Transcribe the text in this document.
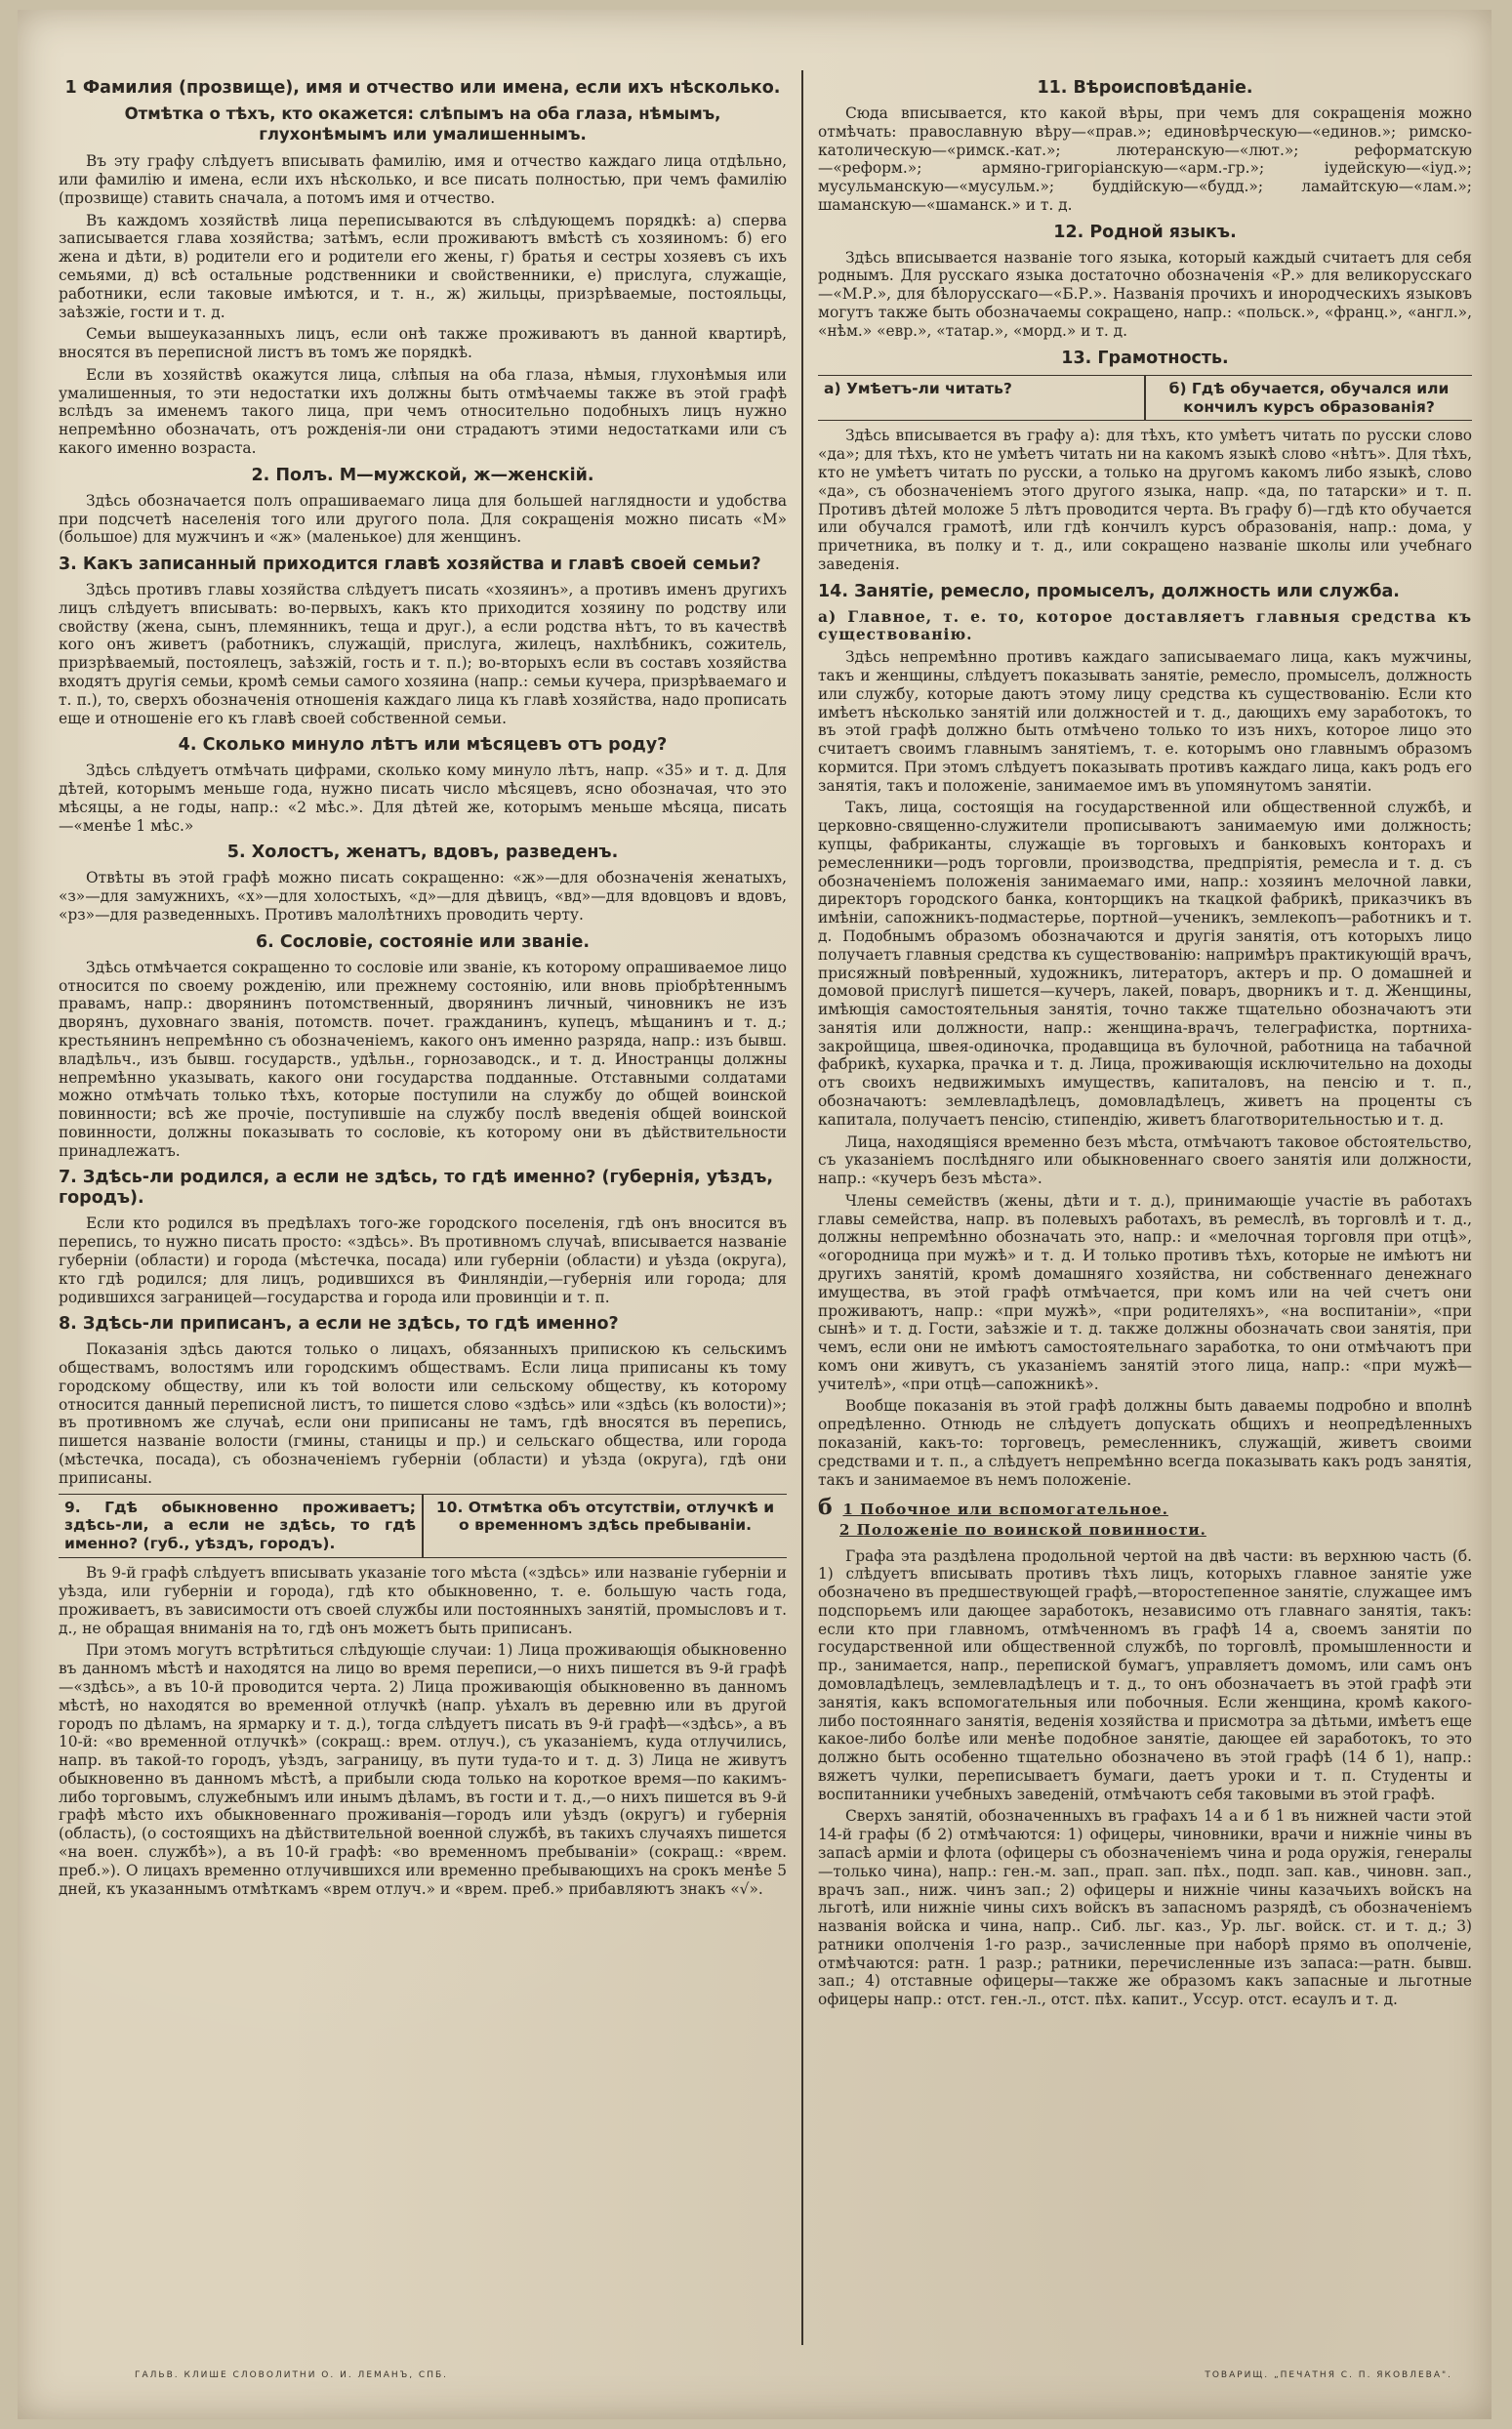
1 Фамилия (прозвище), имя и отчество или имена, если ихъ нѣсколько.
Отмѣтка о тѣхъ, кто окажется: слѣпымъ на оба глаза, нѣмымъ, глухонѣмымъ или умалишеннымъ.

Въ эту графу слѣдуетъ вписывать фамилію, имя и отчество каждаго лица отдѣльно, или фамилію и имена, если ихъ нѣсколько, и все писать полностью, при чемъ фамилію (прозвище) ставить сначала, а потомъ имя и отчество.

Въ каждомъ хозяйствѣ лица переписываются въ слѣдующемъ порядкѣ: а) сперва записывается глава хозяйства; затѣмъ, если проживаютъ вмѣстѣ съ хозяиномъ: б) его жена и дѣти, в) родители его и родители его жены, г) братья и сестры хозяевъ съ ихъ семьями, д) всѣ остальные родственники и свойственники, е) прислуга, служащіе, работники, если таковые имѣются, и т. н., ж) жильцы, призрѣваемые, постояльцы, заѣзжіе, гости и т. д.

Семьи вышеуказанныхъ лицъ, если онѣ также проживаютъ въ данной квартирѣ, вносятся въ переписной листъ въ томъ же порядкѣ.

Если въ хозяйствѣ окажутся лица, слѣпыя на оба глаза, нѣмыя, глухонѣмыя или умалишенныя, то эти недостатки ихъ должны быть отмѣчаемы также въ этой графѣ вслѣдъ за именемъ такого лица, при чемъ относительно подобныхъ лицъ нужно непремѣнно обозначать, отъ рожденія-ли они страдаютъ этими недостатками или съ какого именно возраста.

2. Полъ. М—мужской, ж—женскій.

Здѣсь обозначается полъ опрашиваемаго лица для большей наглядности и удобства при подсчетѣ населенія того или другого пола. Для сокращенія можно писать «М» (большое) для мужчинъ и «ж» (маленькое) для женщинъ.

3. Какъ записанный приходится главѣ хозяйства и главѣ своей семьи?

Здѣсь противъ главы хозяйства слѣдуетъ писать «хозяинъ», а противъ именъ другихъ лицъ слѣдуетъ вписывать: во-первыхъ, какъ кто приходится хозяину по родству или свойству (жена, сынъ, племянникъ, теща и друг.), а если родства нѣтъ, то въ качествѣ кого онъ живетъ (работникъ, служащій, прислуга, жилецъ, нахлѣбникъ, сожитель, призрѣваемый, постоялецъ, заѣзжій, гость и т. п.); во-вторыхъ если въ составъ хозяйства входятъ другія семьи, кромѣ семьи самого хозяина (напр.: семьи кучера, призрѣваемаго и т. п.), то, сверхъ обозначенія отношенія каждаго лица къ главѣ хозяйства, надо прописать еще и отношеніе его къ главѣ своей собственной семьи.

4. Сколько минуло лѣтъ или мѣсяцевъ отъ роду?

Здѣсь слѣдуетъ отмѣчать цифрами, сколько кому минуло лѣтъ, напр. «35» и т. д. Для дѣтей, которымъ меньше года, нужно писать число мѣсяцевъ, ясно обозначая, что это мѣсяцы, а не годы, напр.: «2 мѣс.». Для дѣтей же, которымъ меньше мѣсяца, писать—«менѣе 1 мѣс.»

5. Холостъ, женатъ, вдовъ, разведенъ.

Отвѣты въ этой графѣ можно писать сокращенно: «ж»—для обозначенія женатыхъ, «з»—для замужнихъ, «х»—для холостыхъ, «д»—для дѣвицъ, «вд»—для вдовцовъ и вдовъ, «рз»—для разведенныхъ. Противъ малолѣтнихъ проводить черту.

6. Сословіе, состояніе или званіе.

Здѣсь отмѣчается сокращенно то сословіе или званіе, къ которому опрашиваемое лицо относится по своему рожденію, или прежнему состоянію, или вновь пріобрѣтеннымъ правамъ, напр.: дворянинъ потомственный, дворянинъ личный, чиновникъ не изъ дворянъ, духовнаго званія, потомств. почет. гражданинъ, купецъ, мѣщанинъ и т. д.; крестьянинъ непремѣнно съ обозначеніемъ, какого онъ именно разряда, напр.: изъ бывш. владѣльч., изъ бывш. государств., удѣльн., горнозаводск., и т. д. Иностранцы должны непремѣнно указывать, какого они государства подданные. Отставными солдатами можно отмѣчать только тѣхъ, которые поступили на службу до общей воинской повинности; всѣ же прочіе, поступившіе на службу послѣ введенія общей воинской повинности, должны показывать то сословіе, къ которому они въ дѣйствительности принадлежатъ.

7. Здѣсь-ли родился, а если не здѣсь, то гдѣ именно? (губернія, уѣздъ, городъ).

Если кто родился въ предѣлахъ того-же городского поселенія, гдѣ онъ вносится въ перепись, то нужно писать просто: «здѣсь». Въ противномъ случаѣ, вписывается названіе губерніи (области) и города (мѣстечка, посада) или губерніи (области) и уѣзда (округа), кто гдѣ родился; для лицъ, родившихся въ Финляндіи,—губернія или города; для родившихся заграницей—государства и города или провинціи и т. п.

8. Здѣсь-ли приписанъ, а если не здѣсь, то гдѣ именно?

Показанія здѣсь даются только о лицахъ, обязанныхъ припискою къ сельскимъ обществамъ, волостямъ или городскимъ обществамъ. Если лица приписаны къ тому городскому обществу, или къ той волости или сельскому обществу, къ которому относится данный переписной листъ, то пишется слово «здѣсь» или «здѣсь (къ волости)»; въ противномъ же случаѣ, если они приписаны не тамъ, гдѣ вносятся въ перепись, пишется названіе волости (гмины, станицы и пр.) и сельскаго общества, или города (мѣстечка, посада), съ обозначеніемъ губерніи (области) и уѣзда (округа), гдѣ они приписаны.

9. Гдѣ обыкновенно проживаетъ; здѣсь-ли, а если не здѣсь, то гдѣ именно? (губ., уѣздъ, городъ).
10. Отмѣтка объ отсутствіи, отлучкѣ и о временномъ здѣсь пребываніи.

Въ 9-й графѣ слѣдуетъ вписывать указаніе того мѣста («здѣсь» или названіе губерніи и уѣзда, или губерніи и города), гдѣ кто обыкновенно, т. е. большую часть года, проживаетъ, въ зависимости отъ своей службы или постоянныхъ занятій, промысловъ и т. д., не обращая вниманія на то, гдѣ онъ можетъ быть приписанъ.

При этомъ могутъ встрѣтиться слѣдующіе случаи: 1) Лица проживающія обыкновенно въ данномъ мѣстѣ и находятся на лицо во время переписи,—о нихъ пишется въ 9-й графѣ—«здѣсь», а въ 10-й проводится черта. 2) Лица проживающія обыкновенно въ данномъ мѣстѣ, но находятся во временной отлучкѣ (напр. уѣхалъ въ деревню или въ другой городъ по дѣламъ, на ярмарку и т. д.), тогда слѣдуетъ писать въ 9-й графѣ—«здѣсь», а въ 10-й: «во временной отлучкѣ» (сокращ.: врем. отлуч.), съ указаніемъ, куда отлучились, напр. въ такой-то городъ, уѣздъ, заграницу, въ пути туда-то и т. д. 3) Лица не живутъ обыкновенно въ данномъ мѣстѣ, а прибыли сюда только на короткое время—по какимъ-либо торговымъ, служебнымъ или инымъ дѣламъ, въ гости и т. д.,—о нихъ пишется въ 9-й графѣ мѣсто ихъ обыкновеннаго проживанія—городъ или уѣздъ (округъ) и губернія (область), (о состоящихъ на дѣйствительной военной службѣ, въ такихъ случаяхъ пишется «на воен. службѣ»), а въ 10-й графѣ: «во временномъ пребываніи» (сокращ.: «врем. преб.»). О лицахъ временно отлучившихся или временно пребывающихъ на срокъ менѣе 5 дней, къ указаннымъ отмѣткамъ «врем отлуч.» и «врем. преб.» прибавляютъ знакъ «√».

11. Вѣроисповѣданіе.

Сюда вписывается, кто какой вѣры, при чемъ для сокращенія можно отмѣчать: православную вѣру—«прав.»; единовѣрческую—«единов.»; римско-католическую—«римск.-кат.»; лютеранскую—«лют.»; реформатскую—«реформ.»; армяно-григоріанскую—«арм.-гр.»; іудейскую—«іуд.»; мусульманскую—«мусульм.»; буддійскую—«будд.»; ламайтскую—«лам.»; шаманскую—«шаманск.» и т. д.

12. Родной языкъ.

Здѣсь вписывается названіе того языка, который каждый считаетъ для себя роднымъ. Для русскаго языка достаточно обозначенія «Р.» для великорусскаго—«М.Р.», для бѣлорусскаго—«Б.Р.». Названія прочихъ и инородческихъ языковъ могутъ также быть обозначаемы сокращено, напр.: «польск.», «франц.», «англ.», «нѣм.» «евр.», «татар.», «морд.» и т. д.

13. Грамотность.
а) Умѣетъ-ли читать?	б) Гдѣ обучается, обучался или кончилъ курсъ образованія?

Здѣсь вписывается въ графу а): для тѣхъ, кто умѣетъ читать по русски слово «да»; для тѣхъ, кто не умѣетъ читать ни на какомъ языкѣ слово «нѣтъ». Для тѣхъ, кто не умѣетъ читать по русски, а только на другомъ какомъ либо языкѣ, слово «да», съ обозначеніемъ этого другого языка, напр. «да, по татарски» и т. п. Противъ дѣтей моложе 5 лѣтъ проводится черта. Въ графу б)—гдѣ кто обучается или обучался грамотѣ, или гдѣ кончилъ курсъ образованія, напр.: дома, у причетника, въ полку и т. д., или сокращено названіе школы или учебнаго заведенія.

14. Занятіе, ремесло, промыселъ, должность или служба.

а) Главное, т. е. то, которое доставляетъ главныя средства къ существованію.

Здѣсь непремѣнно противъ каждаго записываемаго лица, какъ мужчины, такъ и женщины, слѣдуетъ показывать занятіе, ремесло, промыселъ, должность или службу, которые даютъ этому лицу средства къ существованію. Если кто имѣетъ нѣсколько занятій или должностей и т. д., дающихъ ему заработокъ, то въ этой графѣ должно быть отмѣчено только то изъ нихъ, которое лицо это считаетъ своимъ главнымъ занятіемъ, т. е. которымъ оно главнымъ образомъ кормится. При этомъ слѣдуетъ показывать противъ каждаго лица, какъ родъ его занятія, такъ и положеніе, занимаемое имъ въ упомянутомъ занятіи.

Такъ, лица, состоящія на государственной или общественной службѣ, и церковно-священно-служители прописываютъ занимаемую ими должность; купцы, фабриканты, служащіе въ торговыхъ и банковыхъ конторахъ и ремесленники—родъ торговли, производства, предпріятія, ремесла и т. д. съ обозначеніемъ положенія занимаемаго ими, напр.: хозяинъ мелочной лавки, директоръ городского банка, конторщикъ на ткацкой фабрикѣ, приказчикъ въ имѣніи, сапожникъ-подмастерье, портной—ученикъ, землекопъ—работникъ и т. д. Подобнымъ образомъ обозначаются и другія занятія, отъ которыхъ лицо получаетъ главныя средства къ существованію: напримѣръ практикующій врачъ, присяжный повѣренный, художникъ, литераторъ, актеръ и пр. О домашней и домовой прислугѣ пишется—кучеръ, лакей, поваръ, дворникъ и т. д. Женщины, имѣющія самостоятельныя занятія, точно также тщательно обозначаютъ эти занятія или должности, напр.: женщина-врачъ, телеграфистка, портниха-закройщица, швея-одиночка, продавщица въ булочной, работница на табачной фабрикѣ, кухарка, прачка и т. д. Лица, проживающія исключительно на доходы отъ своихъ недвижимыхъ имуществъ, капиталовъ, на пенсію и т. п., обозначаютъ: землевладѣлецъ, домовладѣлецъ, живетъ на проценты съ капитала, получаетъ пенсію, стипендію, живетъ благотворительностью и т. д.

Лица, находящіяся временно безъ мѣста, отмѣчаютъ таковое обстоятельство, съ указаніемъ послѣдняго или обыкновеннаго своего занятія или должности, напр.: «кучеръ безъ мѣста».

Члены семействъ (жены, дѣти и т. д.), принимающіе участіе въ работахъ главы семейства, напр. въ полевыхъ работахъ, въ ремеслѣ, въ торговлѣ и т. д., должны непремѣнно обозначать это, напр.: и «мелочная торговля при отцѣ», «огородница при мужѣ» и т. д. И только противъ тѣхъ, которые не имѣютъ ни другихъ занятій, кромѣ домашняго хозяйства, ни собственнаго денежнаго имущества, въ этой графѣ отмѣчается, при комъ или на чей счетъ они проживаютъ, напр.: «при мужѣ», «при родителяхъ», «на воспитаніи», «при сынѣ» и т. д. Гости, заѣзжіе и т. д. также должны обозначать свои занятія, при чемъ, если они не имѣютъ самостоятельнаго заработка, то они отмѣчаютъ при комъ они живутъ, съ указаніемъ занятій этого лица, напр.: «при мужѣ—учителѣ», «при отцѣ—сапожникѣ».

Вообще показанія въ этой графѣ должны быть даваемы подробно и вполнѣ опредѣленно. Отнюдь не слѣдуетъ допускать общихъ и неопредѣленныхъ показаній, какъ-то: торговецъ, ремесленникъ, служащій, живетъ своими средствами и т. п., а слѣдуетъ непремѣнно всегда показывать какъ родъ занятія, такъ и занимаемое въ немъ положеніе.

б 1 Побочное или вспомогательное.
2 Положеніе по воинской повинности.

Графа эта раздѣлена продольной чертой на двѣ части: въ верхнюю часть (б. 1) слѣдуетъ вписывать противъ тѣхъ лицъ, которыхъ главное занятіе уже обозначено въ предшествующей графѣ,—второстепенное занятіе, служащее имъ подспорьемъ или дающее заработокъ, независимо отъ главнаго занятія, такъ: если кто при главномъ, отмѣченномъ въ графѣ 14 а, своемъ занятіи по государственной или общественной службѣ, по торговлѣ, промышленности и пр., занимается, напр., перепиской бумагъ, управляетъ домомъ, или самъ онъ домовладѣлецъ, землевладѣлецъ и т. д., то онъ обозначаетъ въ этой графѣ эти занятія, какъ вспомогательныя или побочныя. Если женщина, кромѣ какого-либо постояннаго занятія, веденія хозяйства и присмотра за дѣтьми, имѣетъ еще какое-либо болѣе или менѣе подобное занятіе, дающее ей заработокъ, то это должно быть особенно тщательно обозначено въ этой графѣ (14 б 1), напр.: вяжетъ чулки, переписываетъ бумаги, даетъ уроки и т. п. Студенты и воспитанники учебныхъ заведеній, отмѣчаютъ себя таковыми въ этой графѣ.

Сверхъ занятій, обозначенныхъ въ графахъ 14 а и б 1 въ нижней части этой 14-й графы (б 2) отмѣчаются: 1) офицеры, чиновники, врачи и нижніе чины въ запасѣ арміи и флота (офицеры съ обозначеніемъ чина и рода оружія, генералы—только чина), напр.: ген.-м. зап., прап. зап. пѣх., подп. зап. кав., чиновн. зап., врачъ зап., ниж. чинъ зап.; 2) офицеры и нижніе чины казачьихъ войскъ на льготѣ, или нижніе чины сихъ войскъ въ запасномъ разрядѣ, съ обозначеніемъ названія войска и чина, напр.. Сиб. льг. каз., Ур. льг. войск. ст. и т. д.; 3) ратники ополченія 1-го разр., зачисленные при наборѣ прямо въ ополченіе, отмѣчаются: ратн. 1 разр.; ратники, перечисленные изъ запаса:—ратн. бывш. зап.; 4) отставные офицеры—также же образомъ какъ запасные и льготные офицеры напр.: отст. ген.-л., отст. пѣх. капит., Уссур. отст. есаулъ и т. д.

ГАЛЬВ. КЛИШЕ СЛОВОЛИТНИ О. И. ЛЕМАНЪ, СПБ.	ТОВАРИЩ. „ПЕЧАТНЯ С. П. ЯКОВЛЕВА".
